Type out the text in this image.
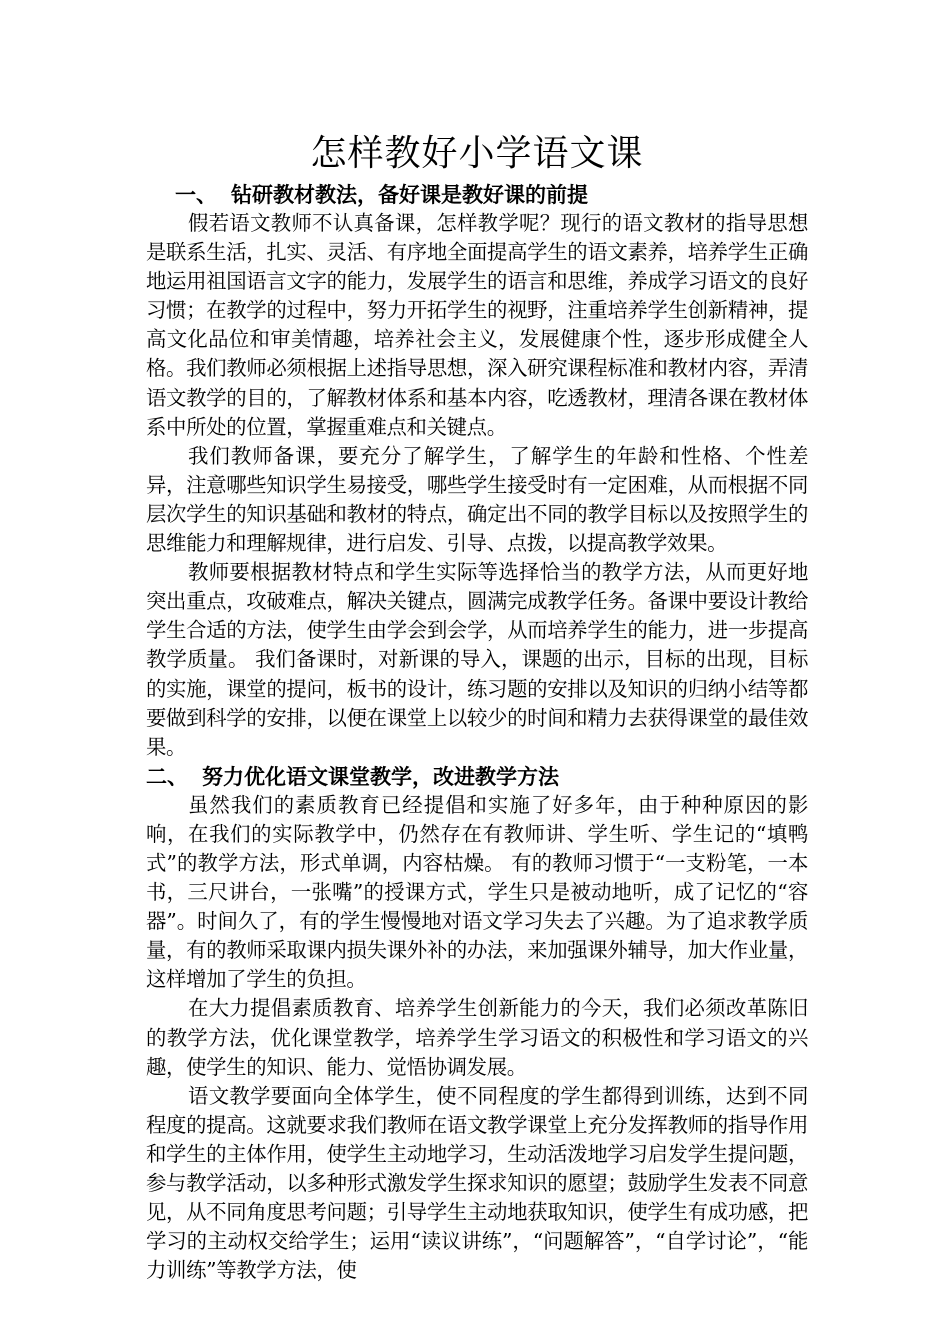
怎样教好小学语文课
一、 钻研教材教法，备好课是教好课的前提

假若语文教师不认真备课，怎样教学呢？现行的语文教材的指导思想是联系生活，扎实、灵活、有序地全面提高学生的语文素养，培养学生正确地运用祖国语言文字的能力，发展学生的语言和思维，养成学习语文的良好习惯；在教学的过程中，努力开拓学生的视野，注重培养学生创新精神，提高文化品位和审美情趣，培养社会主义，发展健康个性，逐步形成健全人格。我们教师必须根据上述指导思想，深入研究课程标准和教材内容，弄清语文教学的目的，了解教材体系和基本内容，吃透教材，理清各课在教材体系中所处的位置，掌握重难点和关键点。

我们教师备课，要充分了解学生，了解学生的年龄和性格、个性差异，注意哪些知识学生易接受，哪些学生接受时有一定困难，从而根据不同层次学生的知识基础和教材的特点，确定出不同的教学目标以及按照学生的思维能力和理解规律，进行启发、引导、点拨，以提高教学效果。

教师要根据教材特点和学生实际等选择恰当的教学方法，从而更好地突出重点，攻破难点，解决关键点，圆满完成教学任务。备课中要设计教给学生合适的方法，使学生由学会到会学，从而培养学生的能力，进一步提高教学质量。 我们备课时，对新课的导入，课题的出示，目标的出现，目标的实施，课堂的提问，板书的设计，练习题的安排以及知识的归纳小结等都要做到科学的安排，以便在课堂上以较少的时间和精力去获得课堂的最佳效果。

二、 努力优化语文课堂教学，改进教学方法

虽然我们的素质教育已经提倡和实施了好多年，由于种种原因的影响，在我们的实际教学中，仍然存在有教师讲、学生听、学生记的“填鸭式”的教学方法，形式单调，内容枯燥。 有的教师习惯于“一支粉笔，一本书，三尺讲台，一张嘴”的授课方式，学生只是被动地听，成了记忆的“容器”。时间久了，有的学生慢慢地对语文学习失去了兴趣。为了追求教学质量，有的教师采取课内损失课外补的办法，来加强课外辅导，加大作业量，这样增加了学生的负担。

在大力提倡素质教育、培养学生创新能力的今天，我们必须改革陈旧的教学方法，优化课堂教学，培养学生学习语文的积极性和学习语文的兴趣，使学生的知识、能力、觉悟协调发展。

语文教学要面向全体学生，使不同程度的学生都得到训练，达到不同程度的提高。这就要求我们教师在语文教学课堂上充分发挥教师的指导作用和学生的主体作用，使学生主动地学习，生动活泼地学习启发学生提问题，参与教学活动，以多种形式激发学生探求知识的愿望；鼓励学生发表不同意见，从不同角度思考问题；引导学生主动地获取知识，使学生有成功感，把学习的主动权交给学生；运用“读议讲练”，“问题解答”，“自学讨论”，“能力训练”等教学方法，使
